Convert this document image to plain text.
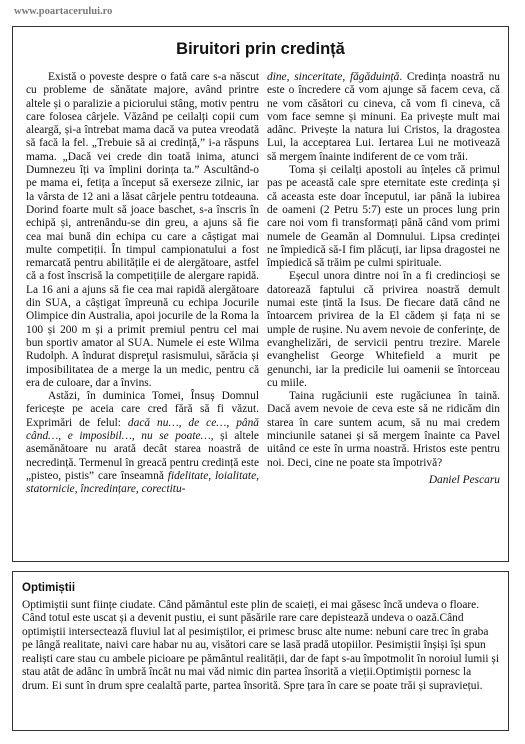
www.poartacerului.ro
Biruitori prin credință

Există o poveste despre o fată care s-a născut cu probleme de sănătate majore, având printre altele și o paralizie a piciorului stâng, motiv pentru care folosea cârjele. Văzând pe ceilalți copii cum aleargă, și-a întrebat mama dacă va putea vreodată să facă la fel. „Trebuie să ai credință,” i-a răspuns mama. „Dacă vei crede din toată inima, atunci Dumnezeu îți va împlini dorința ta.” Ascultând-o pe mama ei, fetița a început să exerseze zilnic, iar la vârsta de 12 ani a lăsat cârjele pentru totdeauna. Dorind foarte mult să joace baschet, s-a înscris în echipă și, antrenându-se din greu, a ajuns să fie cea mai bună din echipa cu care a câștigat mai multe competiții. În timpul campionatului a fost remarcată pentru abilitățile ei de alergătoare, astfel că a fost înscrisă la competițiile de alergare rapidă. La 16 ani a ajuns să fie cea mai rapidă alergătoare din SUA, a câștigat împreună cu echipa Jocurile Olimpice din Australia, apoi jocurile de la Roma la 100 și 200 m și a primit premiul pentru cel mai bun sportiv amator al SUA. Numele ei este Wilma Rudolph. A îndurat dispreţul rasismului, sărăcia și imposibilitatea de a merge la un medic, pentru că era de culoare, dar a învins.

Astăzi, în duminica Tomei, Însuș Domnul fericește pe aceia care cred fără să fi văzut. Exprimări de felul: dacă nu…, de ce…, până când…, e imposibil…, nu se poate…, și altele asemănătoare nu arată decât starea noastră de necredință. Termenul în greacă pentru credință este „pisteo, pistis” care înseamnă fidelitate, loialitate, statornicie, încredințare, corectitu-

dine, sinceritate, făgăduință. Credința noastră nu este o încredere că vom ajunge să facem ceva, că ne vom căsători cu cineva, că vom fi cineva, că vom face semne și minuni. Ea privește mult mai adânc. Privește la natura lui Cristos, la dragostea Lui, la acceptarea Lui. Iertarea Lui ne motivează să mergem înainte indiferent de ce vom trăi.

Toma și ceilalți apostoli au înțeles că primul pas pe această cale spre eternitate este credința și că aceasta este doar începutul, iar până la iubirea de oameni (2 Petru 5:7) este un proces lung prin care noi vom fi transformați până când vom primi numele de Geamăn al Domnului. Lipsa credinței ne împiedică să-I fim plăcuți, iar lipsa dragostei ne împiedică să trăim pe culmi spirituale.

Eșecul unora dintre noi în a fi credincioși se datorează faptului că privirea noastră demult numai este țintă la Isus. De fiecare dată când ne întoarcem privirea de la El cădem și fața ni se umple de rușine. Nu avem nevoie de conferințe, de evanghelizări, de servicii pentru trezire. Marele evanghelist George Whitefield a murit pe genunchi, iar la predicile lui oamenii se întorceau cu miile.

Taina rugăciunii este rugăciunea în taină. Dacă avem nevoie de ceva este să ne ridicăm din starea în care suntem acum, să nu mai credem minciunile satanei și să mergem înainte ca Pavel uitând ce este în urma noastră. Hristos este pentru noi. Deci, cine ne poate sta împotrivă?

Daniel Pescaru
Optimiștii

Optimiștii sunt ființe ciudate. Când pământul este plin de scaieți, ei mai găsesc încă undeva o floare. Când totul este uscat și a devenit pustiu, ei sunt păsările rare care depistează undeva o oază.Când optimiștii intersectează fluviul lat al pesimiștilor, ei primesc brusc alte nume: nebuni care trec în graba pe lângă realitate, naivi care habar nu au, visători care se lasă pradă utopiilor. Pesimiștii înșiși își spun realiști care stau cu ambele picioare pe pământul realității, dar de fapt s-au împotmolit în noroiul lumii și stau atât de adânc în umbră încât nu mai văd nimic din partea însorită a vieții.Optimiștii pornesc la drum. Ei sunt în drum spre cealaltă parte, partea însorită. Spre țara în care se poate trăi și supraviețui.
